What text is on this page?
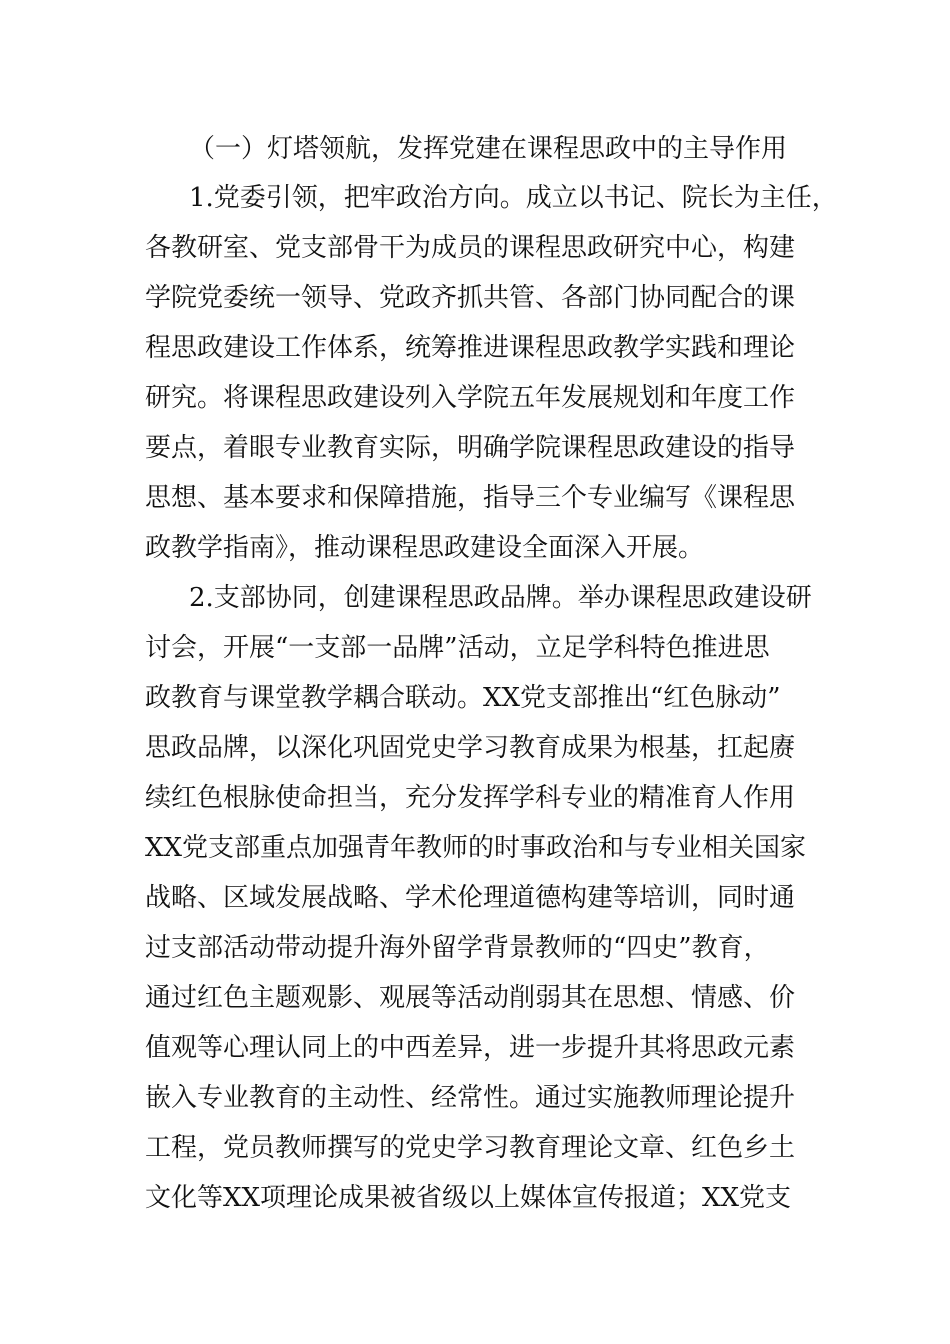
（一）灯塔领航，发挥党建在课程思政中的主导作用
1.党委引领，把牢政治方向。成立以书记、院长为主任，
各教研室、党支部骨干为成员的课程思政研究中心，构建
学院党委统一领导、党政齐抓共管、各部门协同配合的课
程思政建设工作体系，统筹推进课程思政教学实践和理论
研究。将课程思政建设列入学院五年发展规划和年度工作
要点，着眼专业教育实际，明确学院课程思政建设的指导
思想、基本要求和保障措施，指导三个专业编写《课程思
政教学指南》，推动课程思政建设全面深入开展。
2.支部协同，创建课程思政品牌。举办课程思政建设研
讨会，开展“一支部一品牌”活动，立足学科特色推进思
政教育与课堂教学耦合联动。XX党支部推出“红色脉动”
思政品牌，以深化巩固党史学习教育成果为根基，扛起赓
续红色根脉使命担当，充分发挥学科专业的精准育人作用
XX党支部重点加强青年教师的时事政治和与专业相关国家
战略、区域发展战略、学术伦理道德构建等培训，同时通
过支部活动带动提升海外留学背景教师的“四史”教育，
通过红色主题观影、观展等活动削弱其在思想、情感、价
值观等心理认同上的中西差异，进一步提升其将思政元素
嵌入专业教育的主动性、经常性。通过实施教师理论提升
工程，党员教师撰写的党史学习教育理论文章、红色乡土
文化等XX项理论成果被省级以上媒体宣传报道；XX党支
